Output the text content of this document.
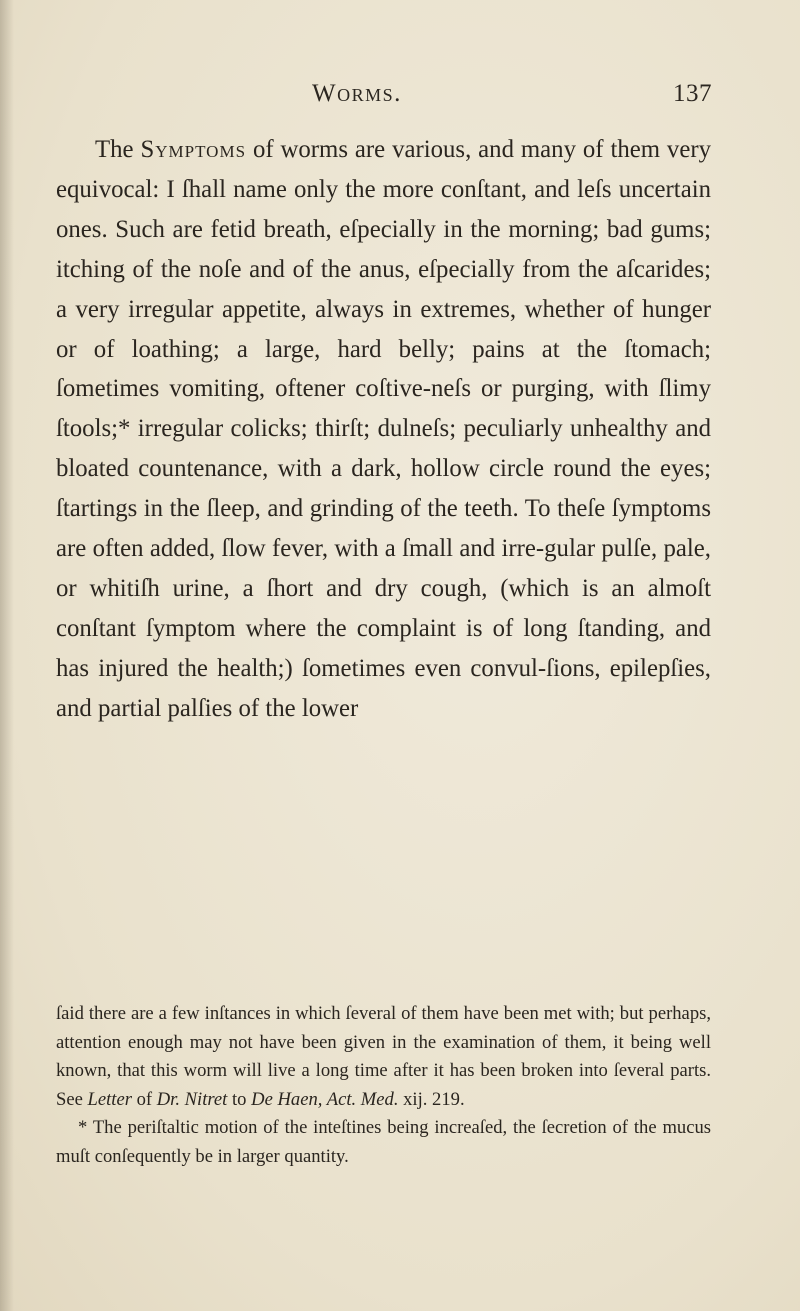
Worms.	137

The Symptoms of worms are various, and many of them very equivocal: I ſhall name only the more conſtant, and leſs uncertain ones. Such are fetid breath, eſpecially in the morning; bad gums; itching of the noſe and of the anus, eſpecially from the aſcarides; a very irregular appetite, always in extremes, whether of hunger or of loathing; a large, hard belly; pains at the ſtomach; ſometimes vomiting, oftener coſtive-neſs or purging, with ſlimy ſtools;* irregular colicks; thirſt; dulneſs; peculiarly unhealthy and bloated countenance, with a dark, hollow circle round the eyes; ſtartings in the ſleep, and grinding of the teeth. To theſe ſymptoms are often added, ſlow fever, with a ſmall and irre-gular pulſe, pale, or whitiſh urine, a ſhort and dry cough, (which is an almoſt conſtant ſymptom where the complaint is of long ſtanding, and has injured the health;) ſometimes even convul-ſions, epilepſies, and partial palſies of the lower

ſaid there are a few inſtances in which ſeveral of them have been met with; but perhaps, attention enough may not have been given in the examination of them, it being well known, that this worm will live a long time after it has been broken into ſeveral parts. See Letter of Dr. Nitret to De Haen, Act. Med. xij. 219.

* The periſtaltic motion of the inteſtines being increaſed, the ſecretion of the mucus muſt conſequently be in larger quantity.
